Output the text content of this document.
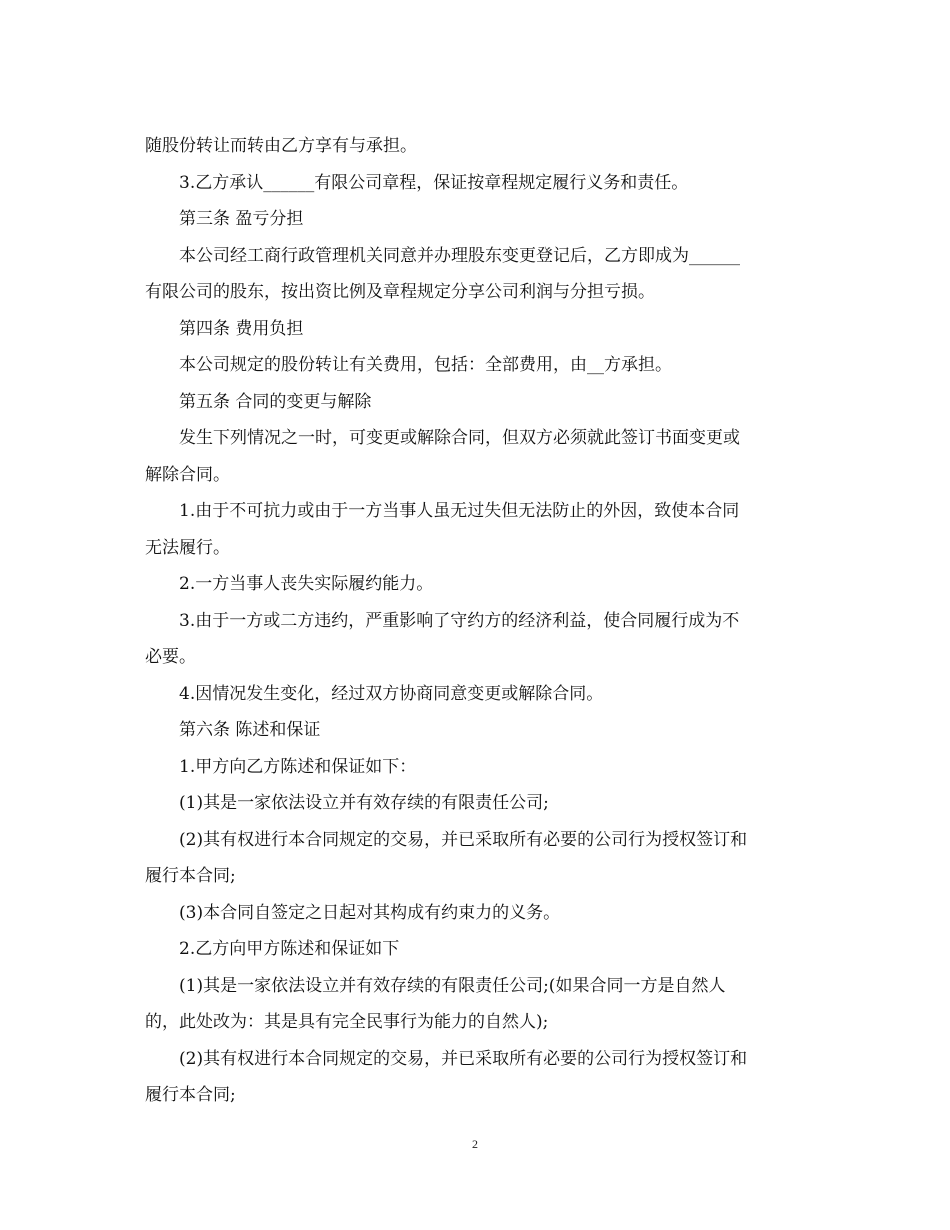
随股份转让而转由乙方享有与承担。
3.乙方承认______有限公司章程，保证按章程规定履行义务和责任。
第三条 盈亏分担
本公司经工商行政管理机关同意并办理股东变更登记后，乙方即成为______
有限公司的股东，按出资比例及章程规定分享公司利润与分担亏损。
第四条 费用负担
本公司规定的股份转让有关费用，包括：全部费用，由__方承担。
第五条 合同的变更与解除
发生下列情况之一时，可变更或解除合同，但双方必须就此签订书面变更或
解除合同。
1.由于不可抗力或由于一方当事人虽无过失但无法防止的外因，致使本合同
无法履行。
2.一方当事人丧失实际履约能力。
3.由于一方或二方违约，严重影响了守约方的经济利益，使合同履行成为不
必要。
4.因情况发生变化，经过双方协商同意变更或解除合同。
第六条 陈述和保证
1.甲方向乙方陈述和保证如下：
(1)其是一家依法设立并有效存续的有限责任公司;
(2)其有权进行本合同规定的交易，并已采取所有必要的公司行为授权签订和
履行本合同;
(3)本合同自签定之日起对其构成有约束力的义务。
2.乙方向甲方陈述和保证如下
(1)其是一家依法设立并有效存续的有限责任公司;(如果合同一方是自然人
的，此处改为：其是具有完全民事行为能力的自然人);
(2)其有权进行本合同规定的交易，并已采取所有必要的公司行为授权签订和
履行本合同;
2
